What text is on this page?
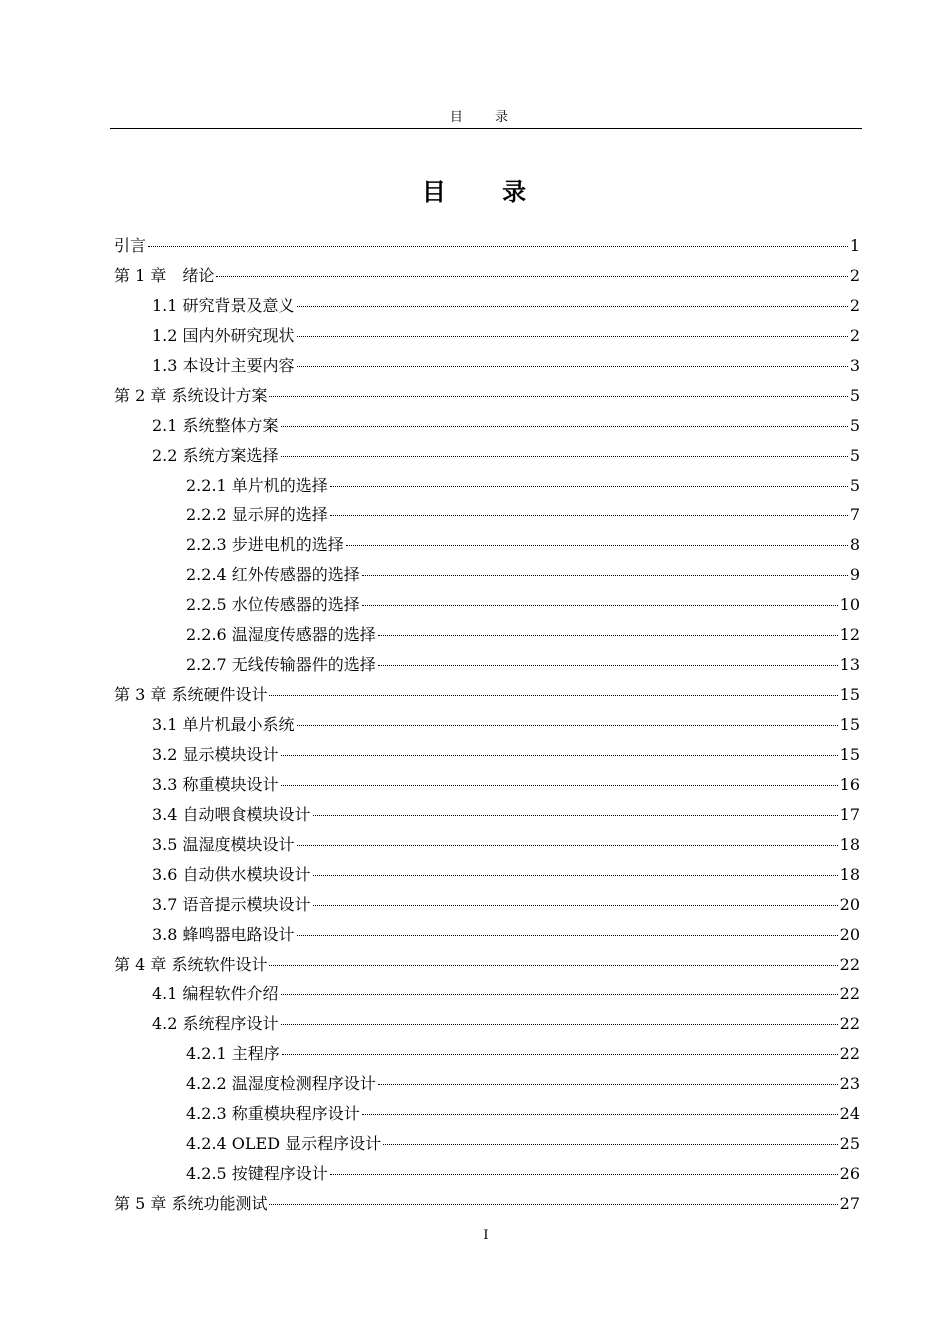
目 录
目 录
引言	1
第 1 章　绪论	2
1.1 研究背景及意义	2
1.2 国内外研究现状	2
1.3 本设计主要内容	3
第 2 章 系统设计方案	5
2.1 系统整体方案	5
2.2 系统方案选择	5
2.2.1 单片机的选择	5
2.2.2 显示屏的选择	7
2.2.3 步进电机的选择	8
2.2.4 红外传感器的选择	9
2.2.5 水位传感器的选择	10
2.2.6 温湿度传感器的选择	12
2.2.7 无线传输器件的选择	13
第 3 章 系统硬件设计	15
3.1 单片机最小系统	15
3.2 显示模块设计	15
3.3 称重模块设计	16
3.4 自动喂食模块设计	17
3.5 温湿度模块设计	18
3.6 自动供水模块设计	18
3.7 语音提示模块设计	20
3.8 蜂鸣器电路设计	20
第 4 章 系统软件设计	22
4.1 编程软件介绍	22
4.2 系统程序设计	22
4.2.1 主程序	22
4.2.2 温湿度检测程序设计	23
4.2.3 称重模块程序设计	24
4.2.4 OLED 显示程序设计	25
4.2.5 按键程序设计	26
第 5 章 系统功能测试	27
I
